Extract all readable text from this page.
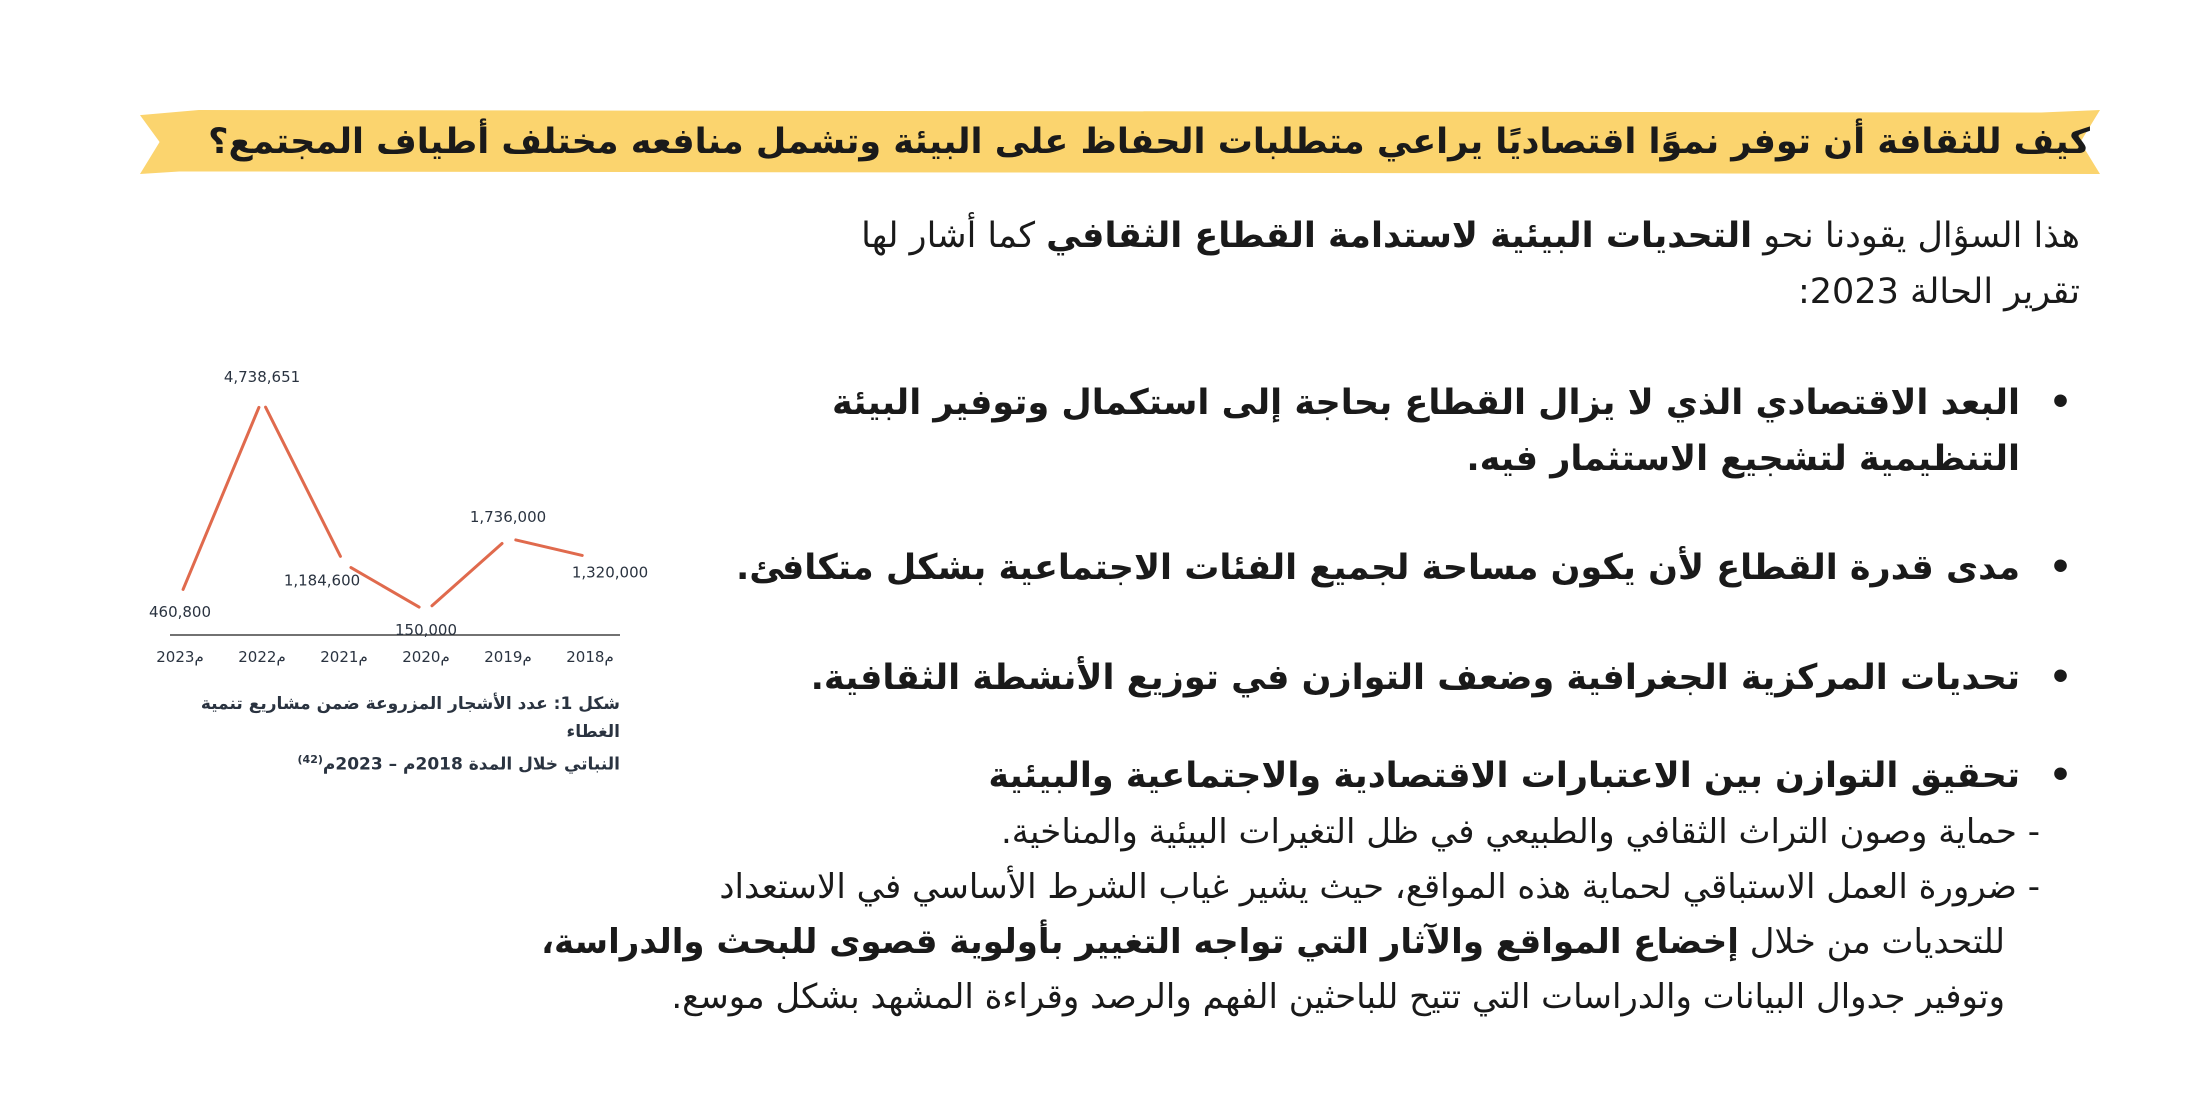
كيف للثقافة أن توفر نموًا اقتصاديًا يراعي متطلبات الحفاظ على البيئة وتشمل منافعه مختلف أطياف المجتمع؟
هذا السؤال يقودنا نحو التحديات البيئية لاستدامة القطاع الثقافي كما أشار لها
تقرير الحالة 2023:
•
البعد الاقتصادي الذي لا يزال القطاع بحاجة إلى استكمال وتوفير البيئة
التنظيمية لتشجيع الاستثمار فيه.
•
مدى قدرة القطاع لأن يكون مساحة لجميع الفئات الاجتماعية بشكل متكافئ.
•
تحديات المركزية الجغرافية وضعف التوازن في توزيع الأنشطة الثقافية.
•
تحقيق التوازن بين الاعتبارات الاقتصادية والاجتماعية والبيئية
- حماية وصون التراث الثقافي والطبيعي في ظل التغيرات البيئية والمناخية.
- ضرورة العمل الاستباقي لحماية هذه المواقع، حيث يشير غياب الشرط الأساسي في الاستعداد
للتحديات من خلال إخضاع المواقع والآثار التي تواجه التغيير بأولوية قصوى للبحث والدراسة،
وتوفير جدوال البيانات والدراسات التي تتيح للباحثين الفهم والرصد وقراءة المشهد بشكل موسع.
460,800
2023م
4,738,651
2022م
1,184,600
2021م
150,000
2020م
1,736,000
2019م
1,320,000
2018م
شكل 1: عدد الأشجار المزروعة ضمن مشاريع تنمية الغطاء
النباتي خلال المدة 2018م – 2023م$^{(42)}$
